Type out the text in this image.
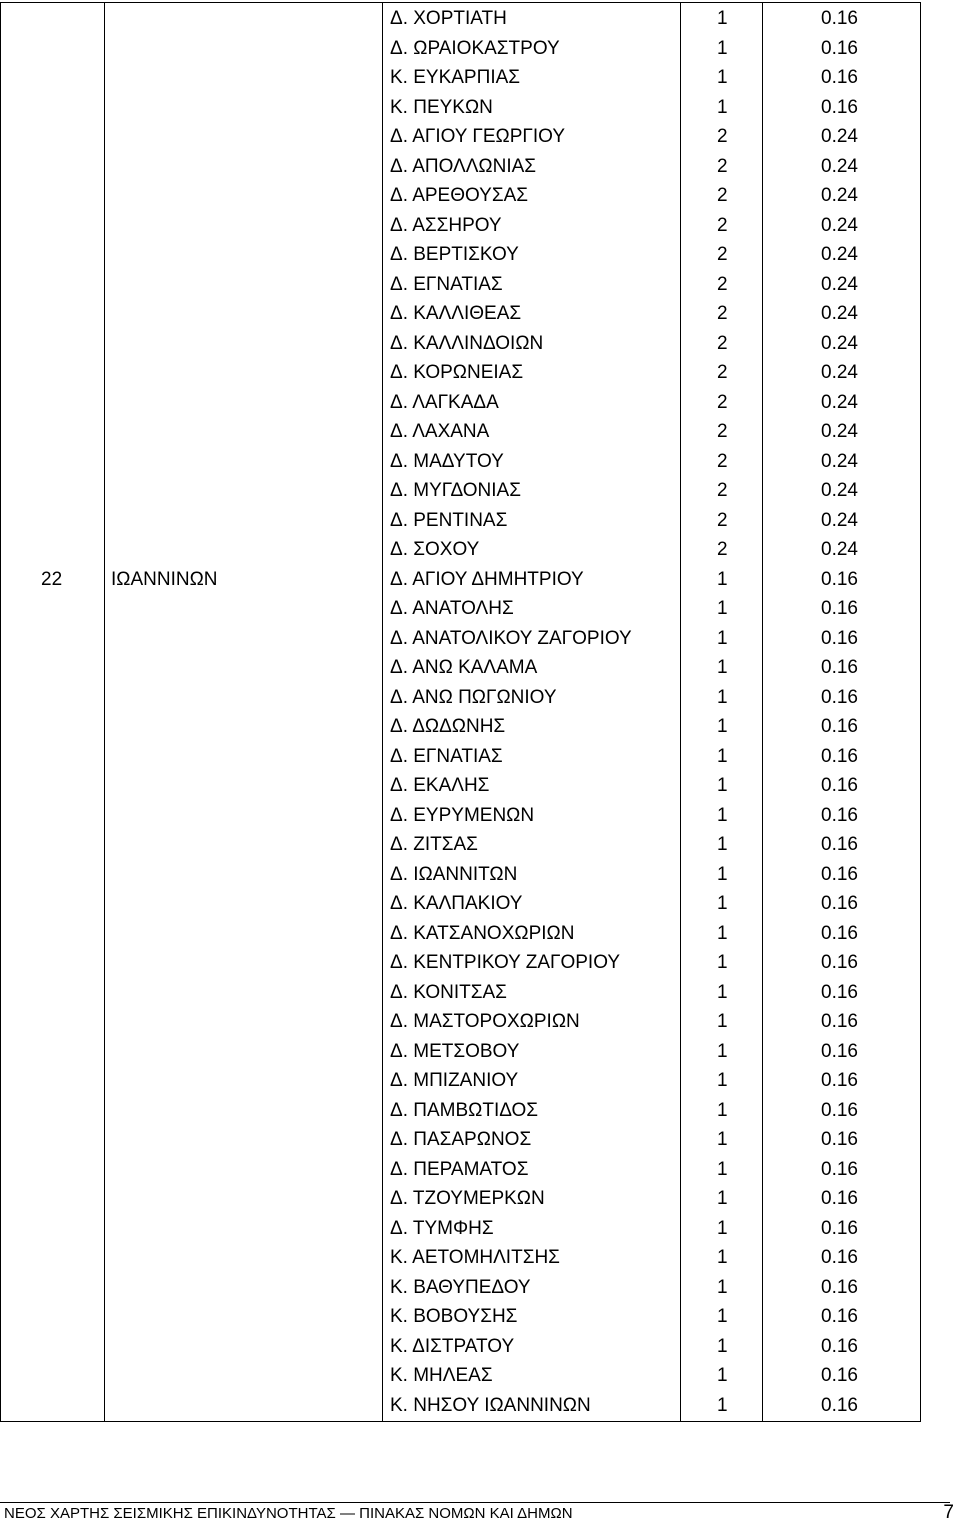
Δ. ΧΟΡΤΙΑΤΗ	1	0.16
Δ. ΩΡΑΙΟΚΑΣΤΡΟΥ	1	0.16
Κ. ΕΥΚΑΡΠΙΑΣ	1	0.16
Κ. ΠΕΥΚΩΝ	1	0.16
Δ. ΑΓΙΟΥ ΓΕΩΡΓΙΟΥ	2	0.24
Δ. ΑΠΟΛΛΩΝΙΑΣ	2	0.24
Δ. ΑΡΕΘΟΥΣΑΣ	2	0.24
Δ. ΑΣΣΗΡΟΥ	2	0.24
Δ. ΒΕΡΤΙΣΚΟΥ	2	0.24
Δ. ΕΓΝΑΤΙΑΣ	2	0.24
Δ. ΚΑΛΛΙΘΕΑΣ	2	0.24
Δ. ΚΑΛΛΙΝΔΟΙΩΝ	2	0.24
Δ. ΚΟΡΩΝΕΙΑΣ	2	0.24
Δ. ΛΑΓΚΑΔΑ	2	0.24
Δ. ΛΑΧΑΝΑ	2	0.24
Δ. ΜΑΔΥΤΟΥ	2	0.24
Δ. ΜΥΓΔΟΝΙΑΣ	2	0.24
Δ. ΡΕΝΤΙΝΑΣ	2	0.24
Δ. ΣΟΧΟΥ	2	0.24
22	ΙΩΑΝΝΙΝΩΝ	Δ. ΑΓΙΟΥ ΔΗΜΗΤΡΙΟΥ	1	0.16
Δ. ΑΝΑΤΟΛΗΣ	1	0.16
Δ. ΑΝΑΤΟΛΙΚΟΥ ΖΑΓΟΡΙΟΥ	1	0.16
Δ. ΑΝΩ ΚΑΛΑΜΑ	1	0.16
Δ. ΑΝΩ ΠΩΓΩΝΙΟΥ	1	0.16
Δ. ΔΩΔΩΝΗΣ	1	0.16
Δ. ΕΓΝΑΤΙΑΣ	1	0.16
Δ. ΕΚΑΛΗΣ	1	0.16
Δ. ΕΥΡΥΜΕΝΩΝ	1	0.16
Δ. ΖΙΤΣΑΣ	1	0.16
Δ. ΙΩΑΝΝΙΤΩΝ	1	0.16
Δ. ΚΑΛΠΑΚΙΟΥ	1	0.16
Δ. ΚΑΤΣΑΝΟΧΩΡΙΩΝ	1	0.16
Δ. ΚΕΝΤΡΙΚΟΥ ΖΑΓΟΡΙΟΥ	1	0.16
Δ. ΚΟΝΙΤΣΑΣ	1	0.16
Δ. ΜΑΣΤΟΡΟΧΩΡΙΩΝ	1	0.16
Δ. ΜΕΤΣΟΒΟΥ	1	0.16
Δ. ΜΠΙΖΑΝΙΟΥ	1	0.16
Δ. ΠΑΜΒΩΤΙΔΟΣ	1	0.16
Δ. ΠΑΣΑΡΩΝΟΣ	1	0.16
Δ. ΠΕΡΑΜΑΤΟΣ	1	0.16
Δ. ΤΖΟΥΜΕΡΚΩΝ	1	0.16
Δ. ΤΥΜΦΗΣ	1	0.16
Κ. ΑΕΤΟΜΗΛΙΤΣΗΣ	1	0.16
Κ. ΒΑΘΥΠΕΔΟΥ	1	0.16
Κ. ΒΟΒΟΥΣΗΣ	1	0.16
Κ. ΔΙΣΤΡΑΤΟΥ	1	0.16
Κ. ΜΗΛΕΑΣ	1	0.16
Κ. ΝΗΣΟΥ ΙΩΑΝΝΙΝΩΝ	1	0.16
ΝΕΟΣ ΧΑΡΤΗΣ ΣΕΙΣΜΙΚΗΣ ΕΠΙΚΙΝΔΥΝΟΤΗΤΑΣ — ΠΙΝΑΚΑΣ ΝΟΜΩΝ ΚΑΙ ΔΗΜΩΝ	7
